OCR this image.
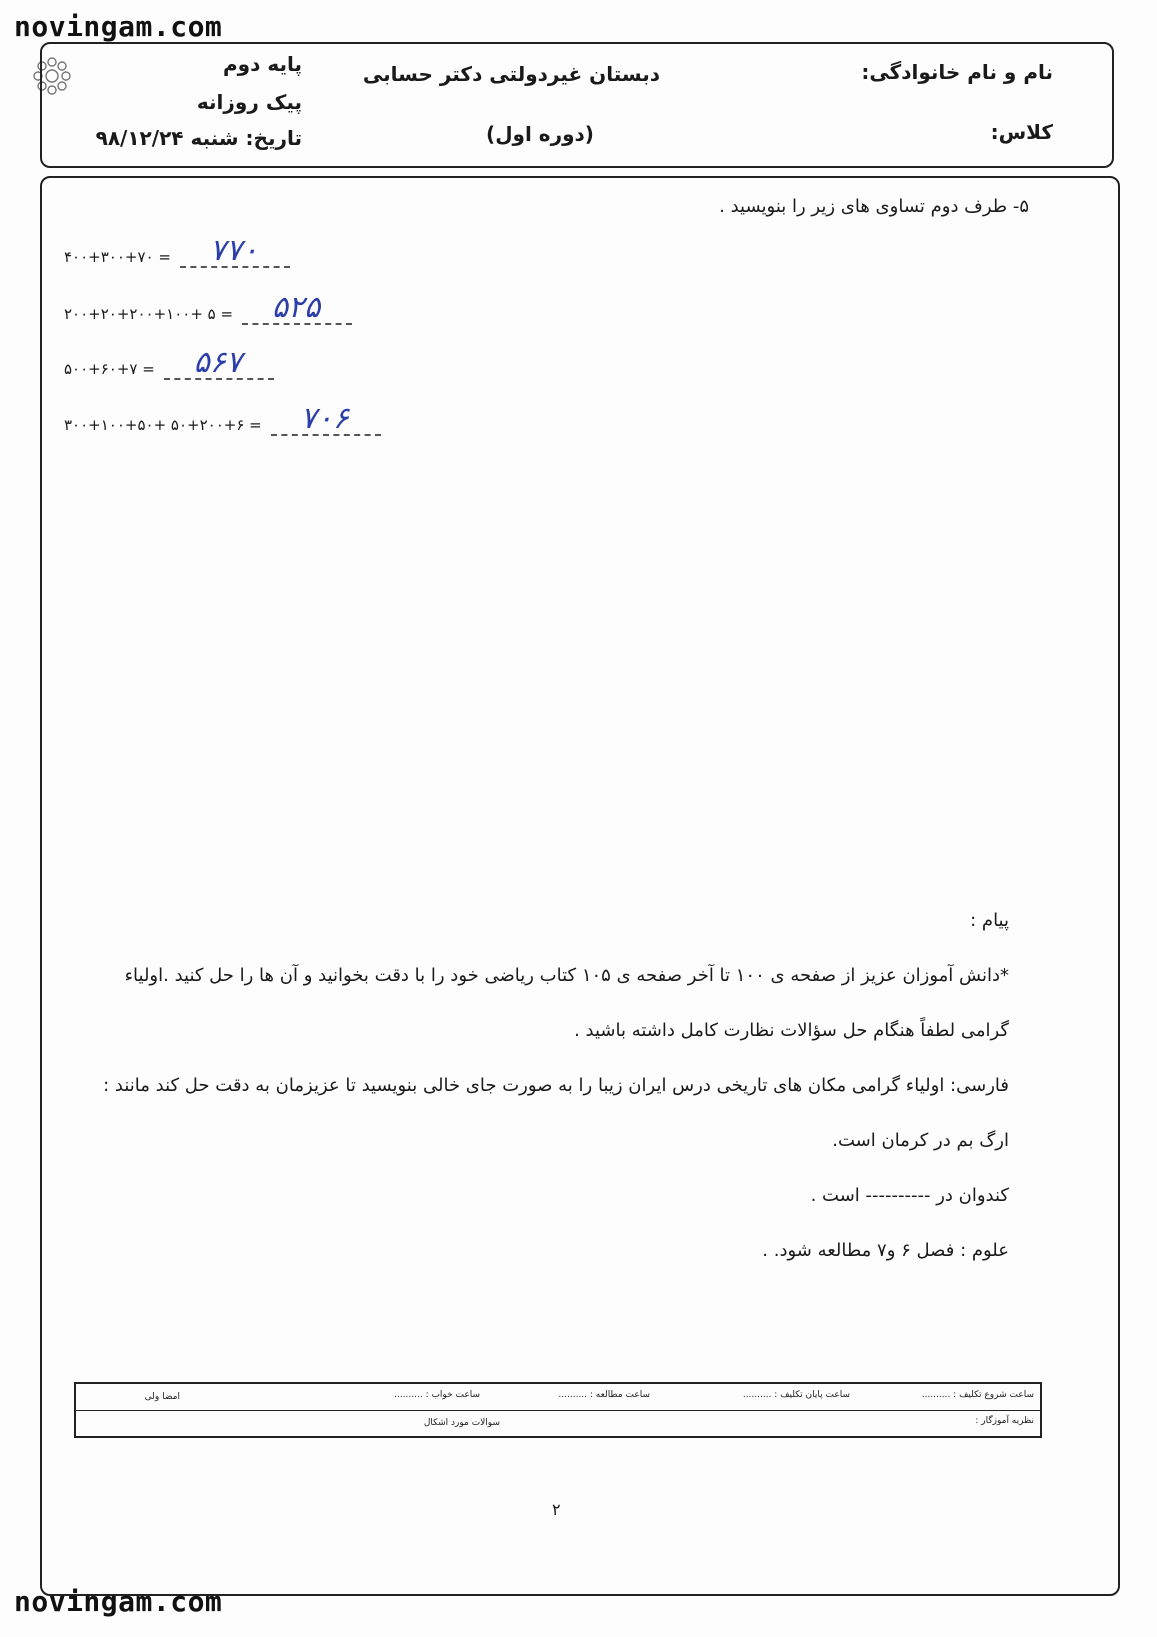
novingam.com
نام و نام خانوادگی:
کلاس:
دبستان غیردولتی دکتر حسابی
(دوره اول)
پایه دوم
پیک روزانه
تاریخ: شنبه ۹۸/۱۲/۲۴
۵- طرف دوم تساوی های زیر را بنویسید .
۴۰۰+۳۰۰+۷۰ = ۷۷۰
۲۰۰+۲۰+۲۰۰+۱۰۰+ ۵ = ۵۲۵
۵۰۰+۶۰+۷ = ۵۶۷
۳۰۰+۱۰۰+۵۰+ ۵۰+۲۰۰+۶ = ۷۰۶
پیام :
*دانش آموزان عزیز از صفحه ی ۱۰۰ تا آخر صفحه ی ۱۰۵ کتاب ریاضی خود را با دقت بخوانید و آن ها را حل کنید .اولیاء
گرامی لطفاً هنگام حل سؤالات نظارت کامل داشته باشید .
فارسی: اولیاء گرامی مکان های تاریخی درس ایران زیبا را به صورت جای خالی بنویسید تا عزیزمان به دقت حل کند مانند :
ارگ بم در کرمان است.
کندوان در ---------- است .
علوم : فصل ۶ و۷ مطالعه شود. .
ساعت شروع تکلیف : ..........
ساعت پایان تکلیف : ..........
ساعت مطالعه : ..........
ساعت خواب : ..........
امضا ولی
نظریه آموزگار :
سوالات مورد اشکال
۲
novingam.com
